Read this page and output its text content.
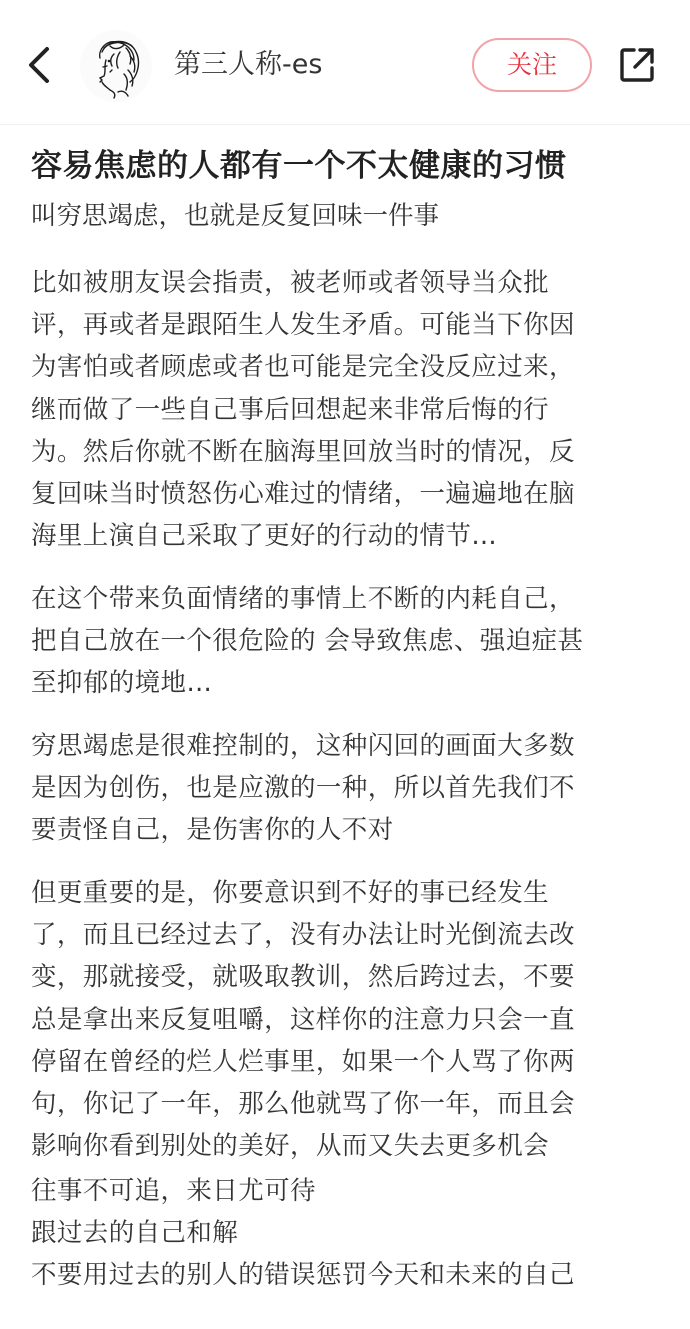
第三人称-es	关注
容易焦虑的人都有一个不太健康的习惯
叫穷思竭虑，也就是反复回味一件事
比如被朋友误会指责，被老师或者领导当众批
评，再或者是跟陌生人发生矛盾。可能当下你因
为害怕或者顾虑或者也可能是完全没反应过来，
继而做了一些自己事后回想起来非常后悔的行
为。然后你就不断在脑海里回放当时的情况，反
复回味当时愤怒伤心难过的情绪，一遍遍地在脑
海里上演自己采取了更好的行动的情节…
在这个带来负面情绪的事情上不断的内耗自己，
把自己放在一个很危险的 会导致焦虑、强迫症甚
至抑郁的境地…
穷思竭虑是很难控制的，这种闪回的画面大多数
是因为创伤，也是应激的一种，所以首先我们不
要责怪自己，是伤害你的人不对
但更重要的是，你要意识到不好的事已经发生
了，而且已经过去了，没有办法让时光倒流去改
变，那就接受，就吸取教训，然后跨过去，不要
总是拿出来反复咀嚼，这样你的注意力只会一直
停留在曾经的烂人烂事里，如果一个人骂了你两
句，你记了一年，那么他就骂了你一年，而且会
影响你看到别处的美好，从而又失去更多机会
往事不可追，来日尤可待
跟过去的自己和解
不要用过去的别人的错误惩罚今天和未来的自己
